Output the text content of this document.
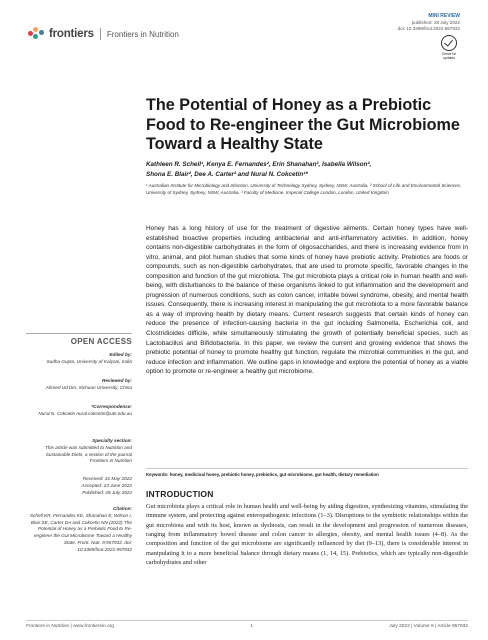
frontiers Frontiers in Nutrition
MINI REVIEW
published: 28 July 2022
doi: 10.3389/fnut.2022.957932
Check for updates
The Potential of Honey as a Prebiotic Food to Re-engineer the Gut Microbiome Toward a Healthy State
Kathleen R. Schell¹, Kenya E. Fernandes², Erin Shanahan², Isabella Wilson²,
Shona E. Blair², Dee A. Carter² and Nural N. Cokcetin¹*
¹ Australian Institute for Microbiology and Infection, University of Technology Sydney, Sydney, NSW, Australia, ² School of Life and Environmental Sciences, University of Sydney, Sydney, NSW, Australia, ³ Faculty of Medicine, Imperial College London, London, United Kingdom
Honey has a long history of use for the treatment of digestive ailments. Certain honey types have well-established bioactive properties including antibacterial and anti-inflammatory activities. In addition, honey contains non-digestible carbohydrates in the form of oligosaccharides, and there is increasing evidence from in vitro, animal, and pilot human studies that some kinds of honey have prebiotic activity. Prebiotics are foods or compounds, such as non-digestible carbohydrates, that are used to promote specific, favorable changes in the composition and function of the gut microbiota. The gut microbiota plays a critical role in human health and well-being, with disturbances to the balance of these organisms linked to gut inflammation and the development and progression of numerous conditions, such as colon cancer, irritable bowel syndrome, obesity, and mental health issues. Consequently, there is increasing interest in manipulating the gut microbiota to a more favorable balance as a way of improving health by dietary means. Current research suggests that certain kinds of honey can reduce the presence of infection-causing bacteria in the gut including Salmonella, Escherichia coli, and Clostridioides difficile, while simultaneously stimulating the growth of potentially beneficial species, such as Lactobacillus and Bifidobacteria. In this paper, we review the current and growing evidence that shows the prebiotic potential of honey to promote healthy gut function, regulate the microbial communities in the gut, and reduce infection and inflammation. We outline gaps in knowledge and explore the potential of honey as a viable option to promote or re-engineer a healthy gut microbiome.
Keywords: honey, medicinal honey, prebiotic honey, prebiotics, gut microbiome, gut health, dietary remediation
OPEN ACCESS
Edited by:
Sudha Gupta, University of Kalyani, India
Reviewed by:
Ahmed Ud Din, Sichuan University, China
*Correspondence:
Nural N. Cokcetin nural.cokcetin@uts.edu.au
Specialty section:
This article was submitted to Nutrition and Sustainable Diets, a section of the journal Frontiers in Nutrition
Received: 31 May 2022
Accepted: 23 June 2022
Published: 28 July 2022
Citation:
Schell KR, Fernandes KE, Shanahan E, Wilson I, Blair SE, Carter DA and Cokcetin NN (2022) The Potential of Honey as a Prebiotic Food to Re-engineer the Gut Microbiome Toward a Healthy State. Front. Nutr. 9:957932. doi: 10.3389/fnut.2022.957932
INTRODUCTION
Gut microbiota plays a critical role in human health and well-being by aiding digestion, synthesizing vitamins, stimulating the immune system, and protecting against enteropathogenic infections (1–3). Disruptions to the symbiotic relationships within the gut microbiota and with its host, known as dysbiosis, can result in the development and progression of numerous diseases, ranging from inflammatory bowel disease and colon cancer to allergies, obesity, and mental health issues (4–8). As the composition and function of the gut microbiome are significantly influenced by diet (9–13), there is considerable interest in manipulating it to a more beneficial balance through dietary means (1, 14, 15). Prebiotics, which are typically non-digestible carbohydrates and other
Frontiers in Nutrition | www.frontiersin.org	1	July 2022 | Volume 9 | Article 957932
